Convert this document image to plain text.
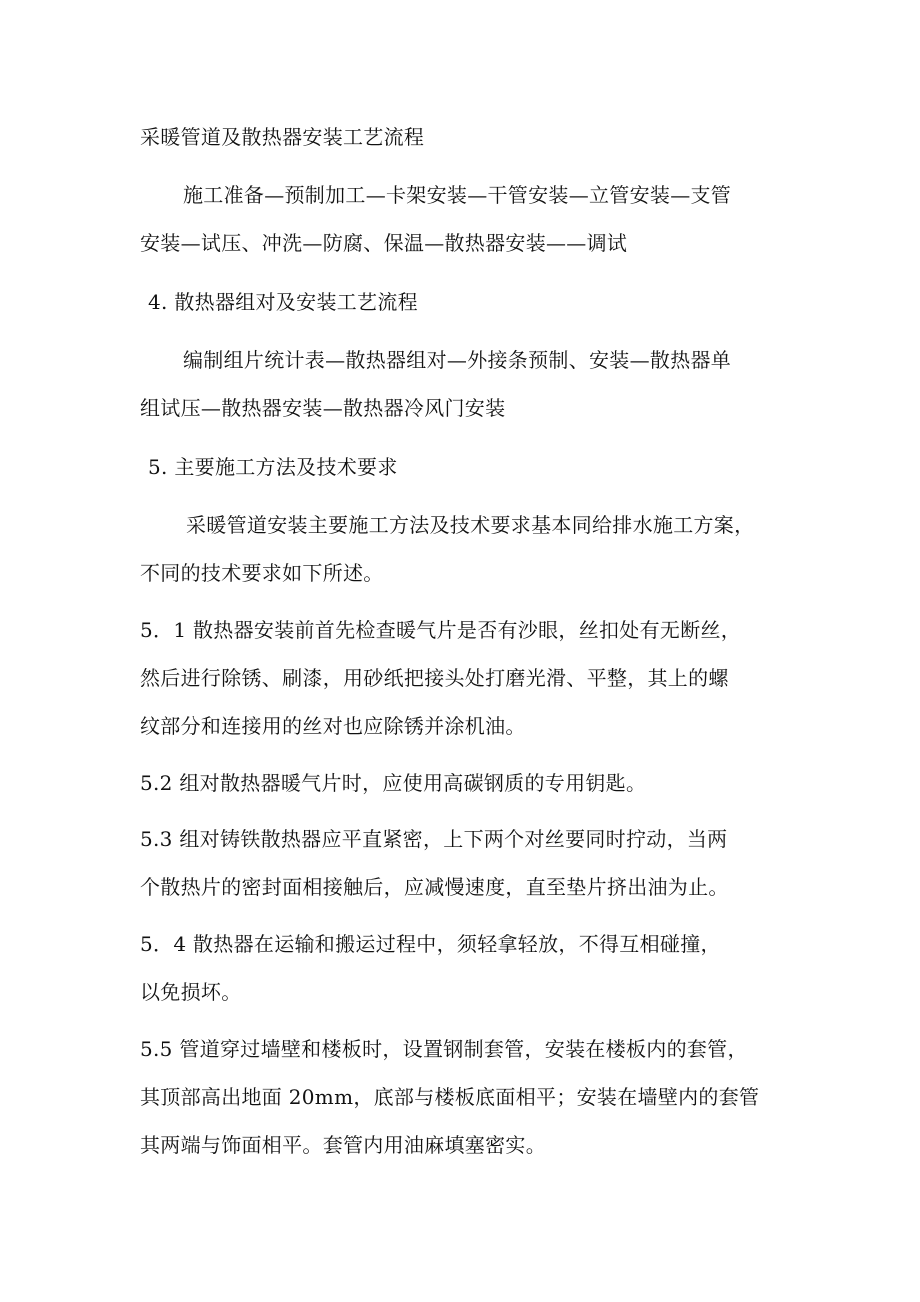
采暖管道及散热器安装工艺流程
施工准备—预制加工—卡架安装—干管安装—立管安装—支管
安装—试压、冲洗—防腐、保温—散热器安装——调试
4. 散热器组对及安装工艺流程
编制组片统计表—散热器组对—外接条预制、安装—散热器单
组试压—散热器安装—散热器冷风门安装
5. 主要施工方法及技术要求
采暖管道安装主要施工方法及技术要求基本同给排水施工方案，
不同的技术要求如下所述。
5．1 散热器安装前首先检查暖气片是否有沙眼，丝扣处有无断丝，
然后进行除锈、刷漆，用砂纸把接头处打磨光滑、平整，其上的螺
纹部分和连接用的丝对也应除锈并涂机油。
5.2 组对散热器暖气片时，应使用高碳钢质的专用钥匙。
5.3 组对铸铁散热器应平直紧密，上下两个对丝要同时拧动，当两
个散热片的密封面相接触后，应减慢速度，直至垫片挤出油为止。
5．4 散热器在运输和搬运过程中，须轻拿轻放，不得互相碰撞，
以免损坏。
5.5 管道穿过墙壁和楼板时，设置钢制套管，安装在楼板内的套管，
其顶部高出地面 20mm，底部与楼板底面相平；安装在墙壁内的套管
其两端与饰面相平。套管内用油麻填塞密实。
